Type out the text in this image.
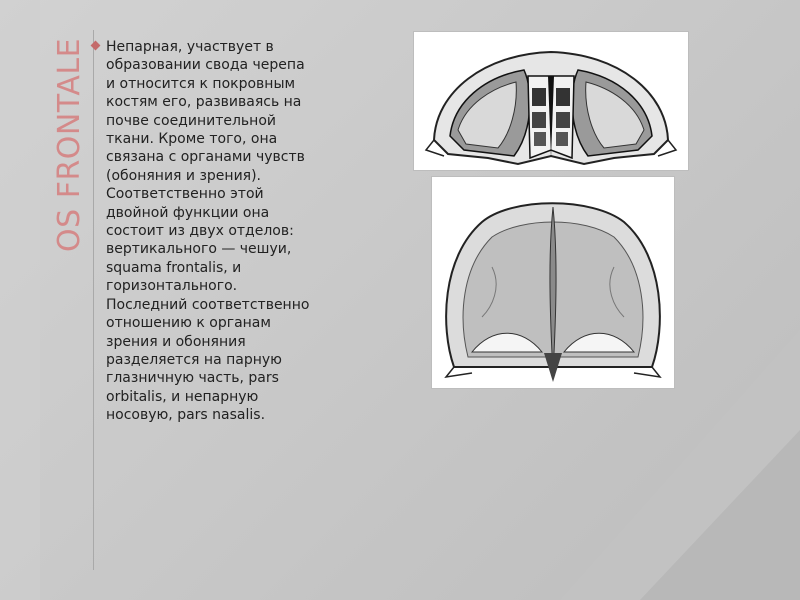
OS FRONTALE Непарная, участвует в образовании свода черепа и относится к покровным костям его, развиваясь на почве соединительной ткани. Кроме того, она связана с органами чувств (обоняния и зрения). Соответственно этой двойной функции она состоит из двух отделов: вертикального — чешуи, squama frontalis, и горизонтального. Последний соответственно отношению к органам зрения и обоняния разделяется на парную глазничную часть, pars orbitalis, и непарную носовую, pars nasalis.
